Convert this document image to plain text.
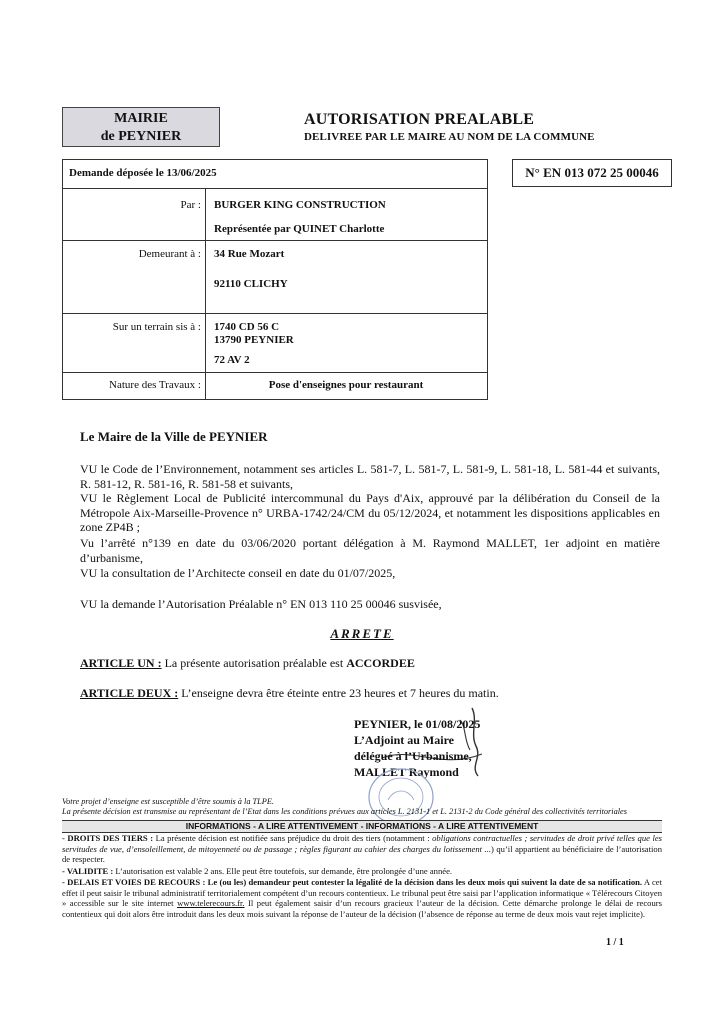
MAIRIE
de PEYNIER
AUTORISATION PREALABLE
DELIVREE PAR LE MAIRE AU NOM DE LA COMMUNE
Demande déposée le 13/06/2025
Par : BURGER KING CONSTRUCTION
Représentée par QUINET Charlotte
Demeurant à : 34 Rue Mozart
92110 CLICHY
Sur un terrain sis à : 1740 CD 56 C
13790 PEYNIER
72 AV 2
Nature des Travaux :	Pose d'enseignes pour restaurant
N° EN 013 072 25 00046
Le Maire de la Ville de PEYNIER
VU le Code de l’Environnement, notamment ses articles L. 581-7, L. 581-7, L. 581-9, L. 581-18, L. 581-44 et suivants, R. 581-12, R. 581-16, R. 581-58 et suivants,
VU le Règlement Local de Publicité intercommunal du Pays d'Aix, approuvé par la délibération du Conseil de la Métropole Aix-Marseille-Provence n° URBA-1742/24/CM du 05/12/2024, et notamment les dispositions applicables en zone ZP4B ;
Vu l’arrêté n°139 en date du 03/06/2020 portant délégation à M. Raymond MALLET, 1er adjoint en matière d’urbanisme,
VU la consultation de l’Architecte conseil en date du 01/07/2025,
VU la demande l’Autorisation Préalable n° EN 013 110 25 00046 susvisée,
ARRETE
ARTICLE UN : La présente autorisation préalable est ACCORDEE
ARTICLE DEUX : L’enseigne devra être éteinte entre 23 heures et 7 heures du matin.
PEYNIER, le 01/08/2025
L’Adjoint au Maire
délégué à l’Urbanisme,
MALLET Raymond
Votre projet d’enseigne est susceptible d’être soumis à la TLPE.
La présente décision est transmise au représentant de l’Etat dans les conditions prévues aux articles L. 2131-1 et L. 2131-2 du Code général des collectivités territoriales
INFORMATIONS - A LIRE ATTENTIVEMENT - INFORMATIONS - A LIRE ATTENTIVEMENT
- DROITS DES TIERS : La présente décision est notifiée sans préjudice du droit des tiers (notamment : obligations contractuelles ; servitudes de droit privé telles que les servitudes de vue, d’ensoleillement, de mitoyenneté ou de passage ; règles figurant au cahier des charges du lotissement ...) qu’il appartient au bénéficiaire de l’autorisation de respecter.
- VALIDITE : L’autorisation est valable 2 ans. Elle peut être toutefois, sur demande, être prolongée d’une année.
- DELAIS ET VOIES DE RECOURS : Le (ou les) demandeur peut contester la légalité de la décision dans les deux mois qui suivent la date de sa notification. A cet effet il peut saisir le tribunal administratif territorialement compétent d’un recours contentieux. Le tribunal peut être saisi par l’application informatique « Télérecours Citoyen » accessible sur le site internet www.telerecours.fr. Il peut également saisir d’un recours gracieux l’auteur de la décision. Cette démarche prolonge le délai de recours contentieux qui doit alors être introduit dans les deux mois suivant la réponse de l’auteur de la décision (l’absence de réponse au terme de deux mois vaut rejet implicite).
1 / 1
